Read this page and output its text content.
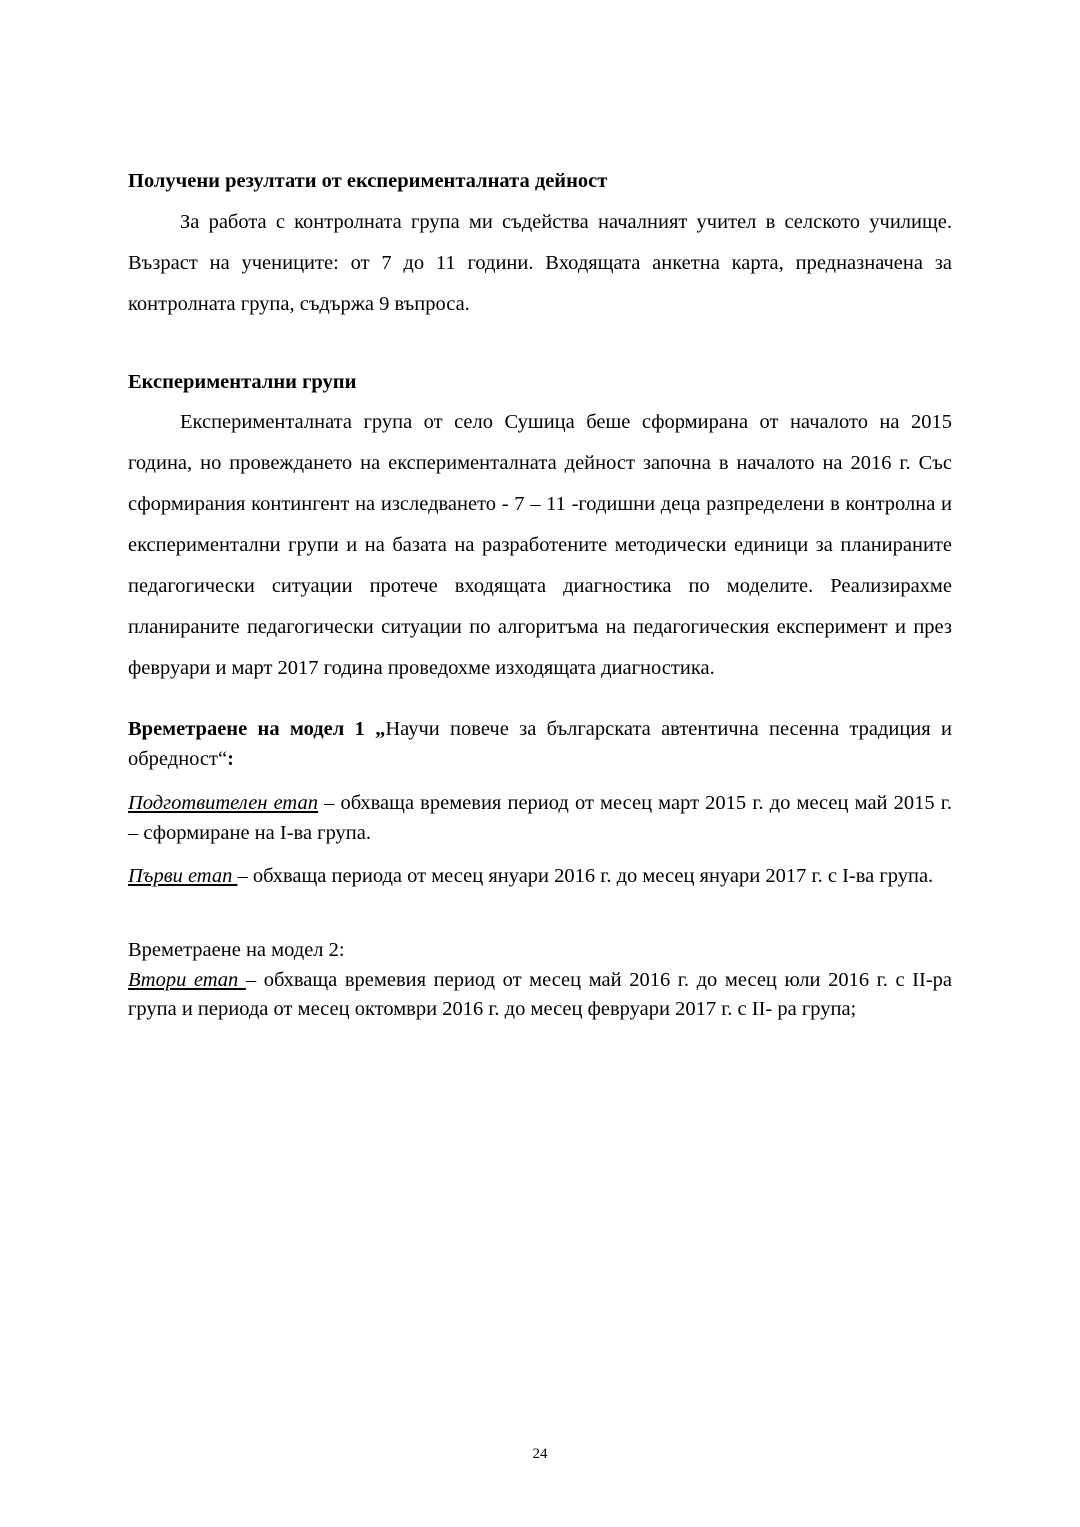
Получени резултати от експерименталната дейност

За работа с контролната група ми съдейства началният учител в селското училище. Възраст на учениците: от 7 до 11 години. Входящата анкетна карта, предназначена за контролната група, съдържа 9 въпроса.

Експериментални групи

Експерименталната група от село Сушица беше сформирана от началото на 2015 година, но провеждането на експерименталната дейност започна в началото на 2016 г. Със сформирания контингент на изследването - 7 – 11 -годишни деца разпределени в контролна и експериментални групи и на базата на разработените методически единици за планираните педагогически ситуации протече входящата диагностика по моделите. Реализирахме планираните педагогически ситуации по алгоритъма на педагогическия експеримент и през февруари и март 2017 година проведохме изходящата диагностика.

Времетраене на модел 1 „Научи повече за българската автентична песенна традиция и обредност“:

Подготвителен етап – обхваща времевия период от месец март 2015 г. до месец май 2015 г. – сформиране на I-ва група.

Първи етап – обхваща периода от месец януари 2016 г. до месец януари 2017 г. с I-ва група.

Времетраене на модел 2:

Втори етап – обхваща времевия период от месец май 2016 г. до месец юли 2016 г. с II-ра група и периода от месец октомври 2016 г. до месец февруари 2017 г. с II- ра група;

24
